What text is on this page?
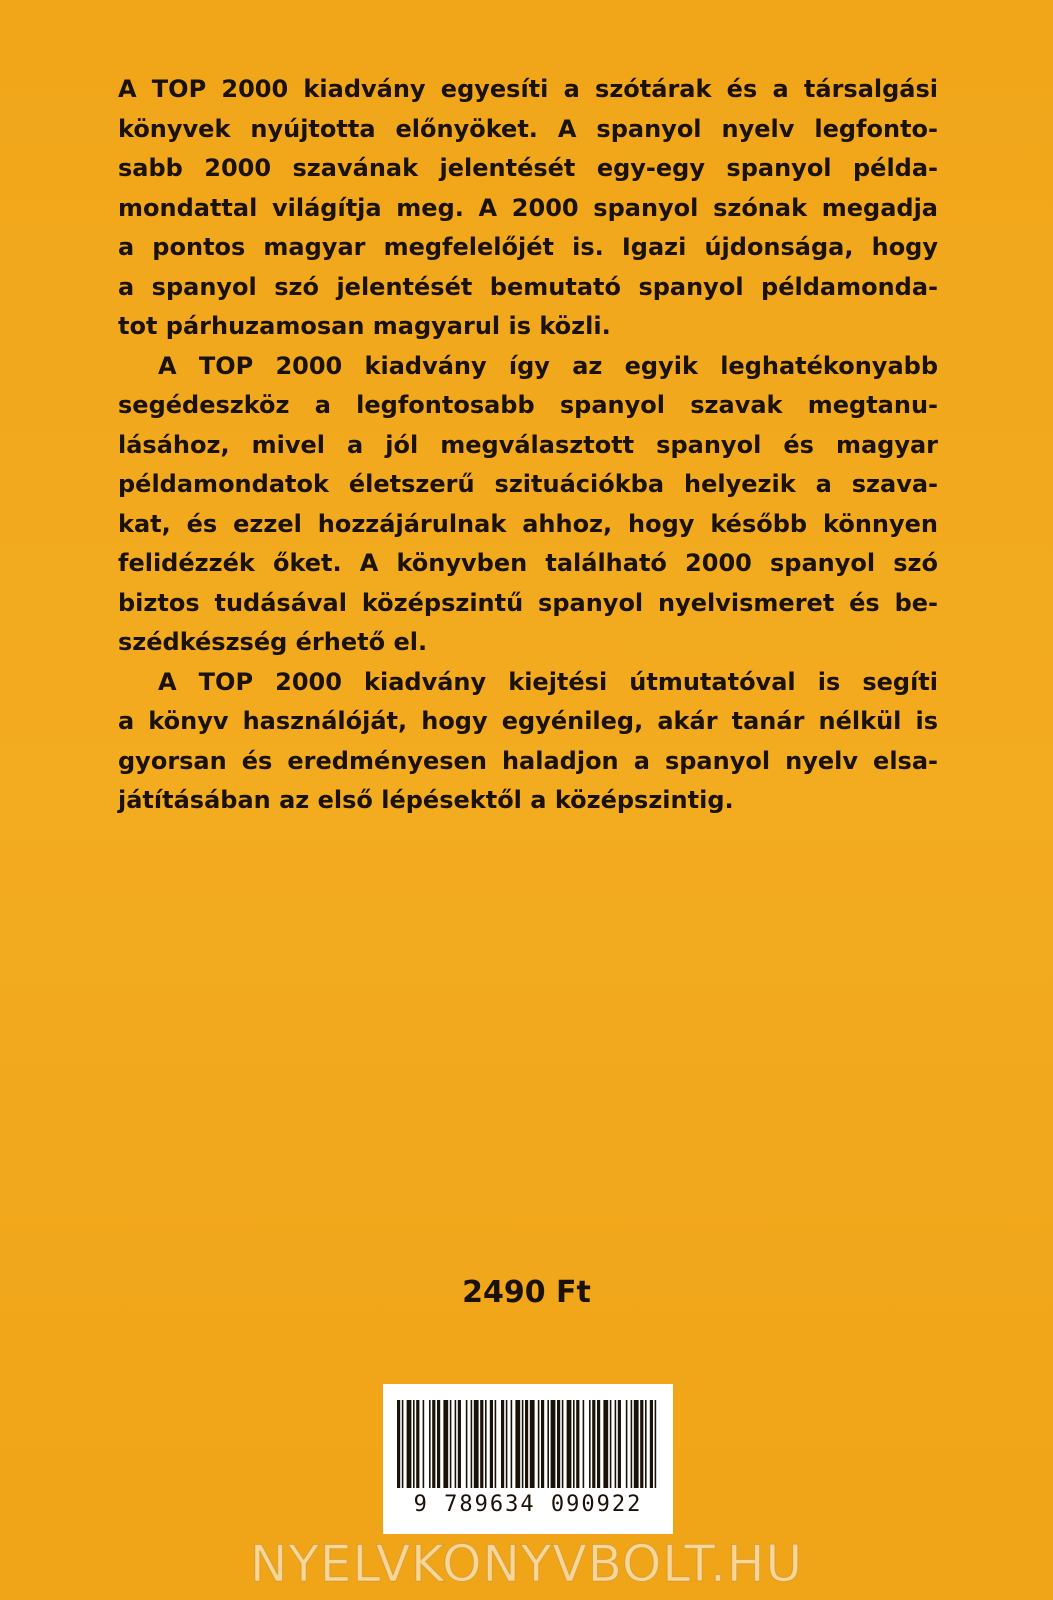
A TOP 2000 kiadvány egyesíti a szótárak és a társalgási
könyvek nyújtotta előnyöket. A spanyol nyelv legfonto-
sabb 2000 szavának jelentését egy-egy spanyol példa-
mondattal világítja meg. A 2000 spanyol szónak megadja
a pontos magyar megfelelőjét is. Igazi újdonsága, hogy
a spanyol szó jelentését bemutató spanyol példamonda-
tot párhuzamosan magyarul is közli.
A TOP 2000 kiadvány így az egyik leghatékonyabb
segédeszköz a legfontosabb spanyol szavak megtanu-
lásához, mivel a jól megválasztott spanyol és magyar
példamondatok életszerű szituációkba helyezik a szava-
kat, és ezzel hozzájárulnak ahhoz, hogy később könnyen
felidézzék őket. A könyvben található 2000 spanyol szó
biztos tudásával középszintű spanyol nyelvismeret és be-
szédkészség érhető el.
A TOP 2000 kiadvány kiejtési útmutatóval is segíti
a könyv használóját, hogy egyénileg, akár tanár nélkül is
gyorsan és eredményesen haladjon a spanyol nyelv elsa-
játításában az első lépésektől a középszintig.
2490 Ft
9 789634 090922
NYELVKONYVBOLT.HU
